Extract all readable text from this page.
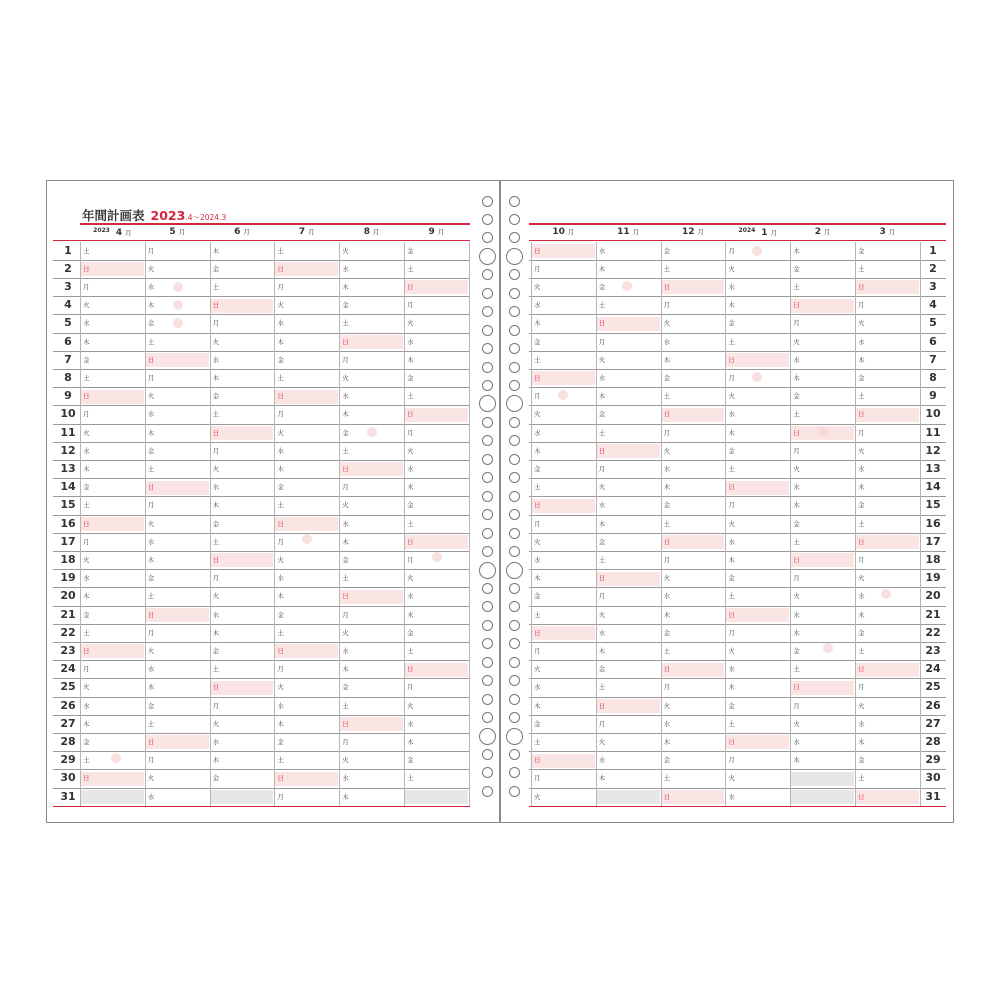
年間計画表 2023.4～2024.3
$^{2023}$ 4 月
土
日
月
火
水
木
金
土
日
月
火
水
木
金
土
日
月
火
水
木
金
土
日
月
火
水
木
金
土
日
5 月
月
火
水
木
金
土
日
月
火
水
木
金
土
日
月
火
水
木
金
土
日
月
火
水
木
金
土
日
月
火
水
6 月
木
金
土
日
月
火
水
木
金
土
日
月
火
水
木
金
土
日
月
火
水
木
金
土
日
月
火
水
木
金
7 月
土
日
月
火
水
木
金
土
日
月
火
水
木
金
土
日
月
火
水
木
金
土
日
月
火
水
木
金
土
日
月
8 月
火
水
木
金
土
日
月
火
水
木
金
土
日
月
火
水
木
金
土
日
月
火
水
木
金
土
日
月
火
水
木
9 月
金
土
日
月
火
水
木
金
土
日
月
火
水
木
金
土
日
月
火
水
木
金
土
日
月
火
水
木
金
土
1
2
3
4
5
6
7
8
9
10
11
12
13
14
15
16
17
18
19
20
21
22
23
24
25
26
27
28
29
30
31
10 月
日
月
火
水
木
金
土
日
月
火
水
木
金
土
日
月
火
水
木
金
土
日
月
火
水
木
金
土
日
月
火
11 月
水
木
金
土
日
月
火
水
木
金
土
日
月
火
水
木
金
土
日
月
火
水
木
金
土
日
月
火
水
木
12 月
金
土
日
月
火
水
木
金
土
日
月
火
水
木
金
土
日
月
火
水
木
金
土
日
月
火
水
木
金
土
日
$^{2024}$ 1 月
月
火
水
木
金
土
日
月
火
水
木
金
土
日
月
火
水
木
金
土
日
月
火
水
木
金
土
日
月
火
水
2 月
木
金
土
日
月
火
水
木
金
土
日
月
火
水
木
金
土
日
月
火
水
木
金
土
日
月
火
水
木
3 月
金
土
日
月
火
水
木
金
土
日
月
火
水
木
金
土
日
月
火
水
木
金
土
日
月
火
水
木
金
土
日
1
2
3
4
5
6
7
8
9
10
11
12
13
14
15
16
17
18
19
20
21
22
23
24
25
26
27
28
29
30
31
